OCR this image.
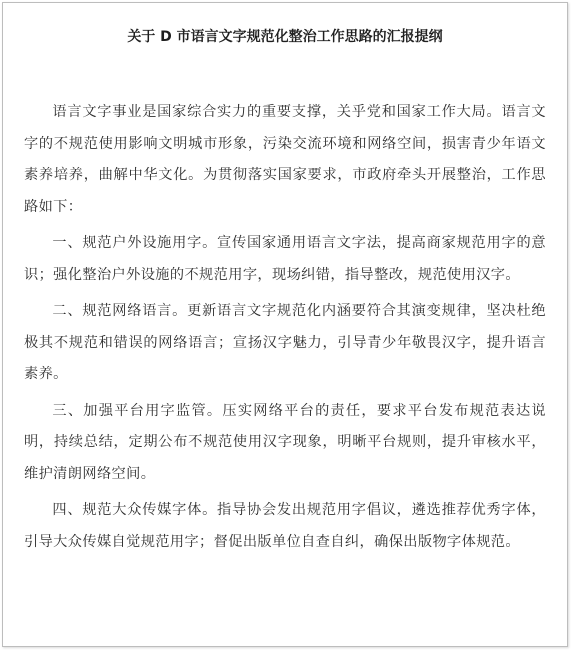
关于 D 市语言文字规范化整治工作思路的汇报提纲

语言文字事业是国家综合实力的重要支撑，关乎党和国家工作大局。语言文字的不规范使用影响文明城市形象，污染交流环境和网络空间，损害青少年语文素养培养，曲解中华文化。为贯彻落实国家要求，市政府牵头开展整治，工作思路如下：

一、规范户外设施用字。宣传国家通用语言文字法，提高商家规范用字的意识；强化整治户外设施的不规范用字，现场纠错，指导整改，规范使用汉字。

二、规范网络语言。更新语言文字规范化内涵要符合其演变规律，坚决杜绝极其不规范和错误的网络语言；宣扬汉字魅力，引导青少年敬畏汉字，提升语言素养。

三、加强平台用字监管。压实网络平台的责任，要求平台发布规范表达说明，持续总结，定期公布不规范使用汉字现象，明晰平台规则，提升审核水平，维护清朗网络空间。

四、规范大众传媒字体。指导协会发出规范用字倡议，遴选推荐优秀字体，引导大众传媒自觉规范用字；督促出版单位自查自纠，确保出版物字体规范。
